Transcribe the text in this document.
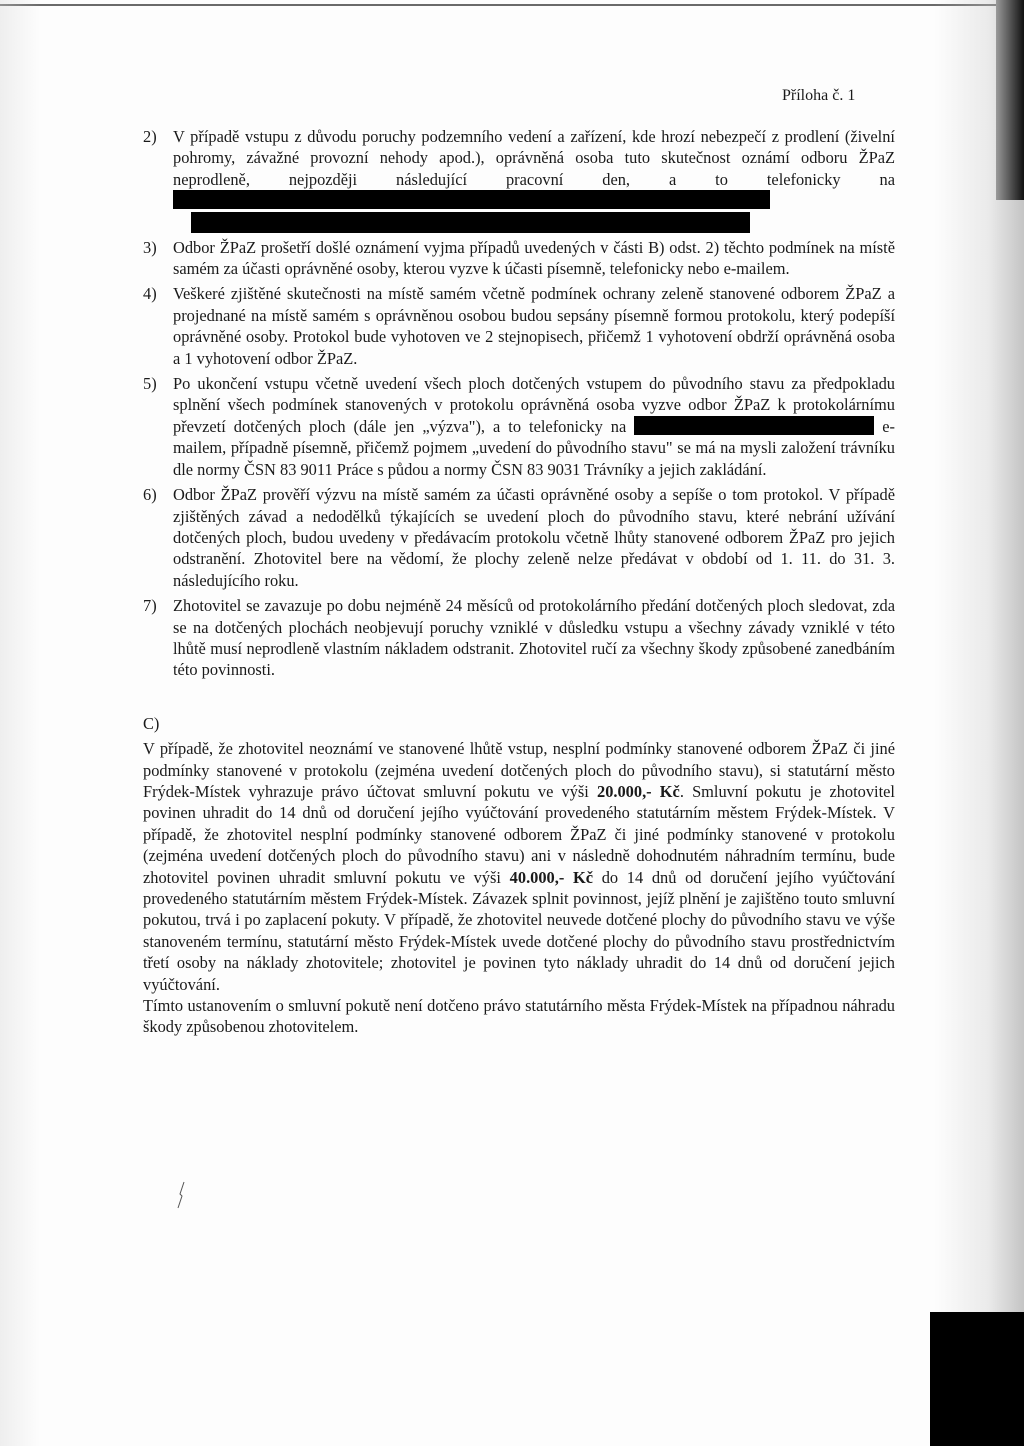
Příloha č. 1
2) V případě vstupu z důvodu poruchy podzemního vedení a zařízení, kde hrozí nebezpečí z prodlení (živelní pohromy, závažné provozní nehody apod.), oprávněná osoba tuto skutečnost oznámí odboru ŽPaZ neprodleně, nejpozději následující pracovní den, a to telefonicky na
3) Odbor ŽPaZ prošetří došlé oznámení vyjma případů uvedených v části B) odst. 2) těchto podmínek na místě samém za účasti oprávněné osoby, kterou vyzve k účasti písemně, telefonicky nebo e-mailem.
4) Veškeré zjištěné skutečnosti na místě samém včetně podmínek ochrany zeleně stanovené odborem ŽPaZ a projednané na místě samém s oprávněnou osobou budou sepsány písemně formou protokolu, který podepíší oprávněné osoby. Protokol bude vyhotoven ve 2 stejnopisech, přičemž 1 vyhotovení obdrží oprávněná osoba a 1 vyhotovení odbor ŽPaZ.
5) Po ukončení vstupu včetně uvedení všech ploch dotčených vstupem do původního stavu za předpokladu splnění všech podmínek stanovených v protokolu oprávněná osoba vyzve odbor ŽPaZ k protokolárnímu převzetí dotčených ploch (dále jen „výzva"), a to telefonicky na	e-mailem, případně písemně, přičemž pojmem „uvedení do původního stavu" se má na mysli založení trávníku dle normy ČSN 83 9011 Práce s půdou a normy ČSN 83 9031 Trávníky a jejich zakládání.
6) Odbor ŽPaZ prověří výzvu na místě samém za účasti oprávněné osoby a sepíše o tom protokol. V případě zjištěných závad a nedodělků týkajících se uvedení ploch do původního stavu, které nebrání užívání dotčených ploch, budou uvedeny v předávacím protokolu včetně lhůty stanovené odborem ŽPaZ pro jejich odstranění. Zhotovitel bere na vědomí, že plochy zeleně nelze předávat v období od 1. 11. do 31. 3. následujícího roku.
7) Zhotovitel se zavazuje po dobu nejméně 24 měsíců od protokolárního předání dotčených ploch sledovat, zda se na dotčených plochách neobjevují poruchy vzniklé v důsledku vstupu a všechny závady vzniklé v této lhůtě musí neprodleně vlastním nákladem odstranit. Zhotovitel ručí za všechny škody způsobené zanedbáním této povinnosti.
C)
V případě, že zhotovitel neoznámí ve stanovené lhůtě vstup, nesplní podmínky stanovené odborem ŽPaZ či jiné podmínky stanovené v protokolu (zejména uvedení dotčených ploch do původního stavu), si statutární město Frýdek-Místek vyhrazuje právo účtovat smluvní pokutu ve výši 20.000,- Kč. Smluvní pokutu je zhotovitel povinen uhradit do 14 dnů od doručení jejího vyúčtování provedeného statutárním městem Frýdek-Místek. V případě, že zhotovitel nesplní podmínky stanovené odborem ŽPaZ či jiné podmínky stanovené v protokolu (zejména uvedení dotčených ploch do původního stavu) ani v následně dohodnutém náhradním termínu, bude zhotovitel povinen uhradit smluvní pokutu ve výši 40.000,- Kč do 14 dnů od doručení jejího vyúčtování provedeného statutárním městem Frýdek-Místek. Závazek splnit povinnost, jejíž plnění je zajištěno touto smluvní pokutou, trvá i po zaplacení pokuty. V případě, že zhotovitel neuvede dotčené plochy do původního stavu ve výše stanoveném termínu, statutární město Frýdek-Místek uvede dotčené plochy do původního stavu prostřednictvím třetí osoby na náklady zhotovitele; zhotovitel je povinen tyto náklady uhradit do 14 dnů od doručení jejich vyúčtování.
Tímto ustanovením o smluvní pokutě není dotčeno právo statutárního města Frýdek-Místek na případnou náhradu škody způsobenou zhotovitelem.
